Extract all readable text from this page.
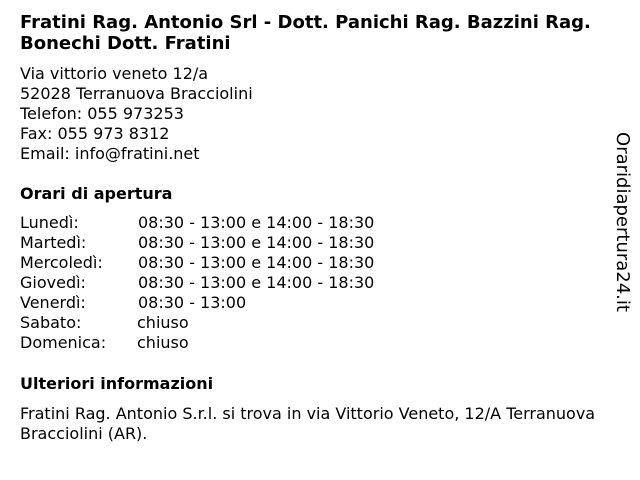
Fratini Rag. Antonio Srl - Dott. Panichi Rag. Bazzini Rag. Bonechi Dott. Fratini
Via vittorio veneto 12/a
52028 Terranuova Bracciolini
Telefon: 055 973253
Fax: 055 973 8312
Email: info@fratini.net
Orari di apertura
Lunedì:	08:30 - 13:00 e 14:00 - 18:30
Martedì:	08:30 - 13:00 e 14:00 - 18:30
Mercoledì: 08:30 - 13:00 e 14:00 - 18:30
Giovedì:	08:30 - 13:00 e 14:00 - 18:30
Venerdì:	08:30 - 13:00
Sabato:	chiuso
Domenica: chiuso
Ulteriori informazioni

Fratini Rag. Antonio S.r.l. si trova in via Vittorio Veneto, 12/A Terranuova Bracciolini (AR).

Oraridiapertura24.it
